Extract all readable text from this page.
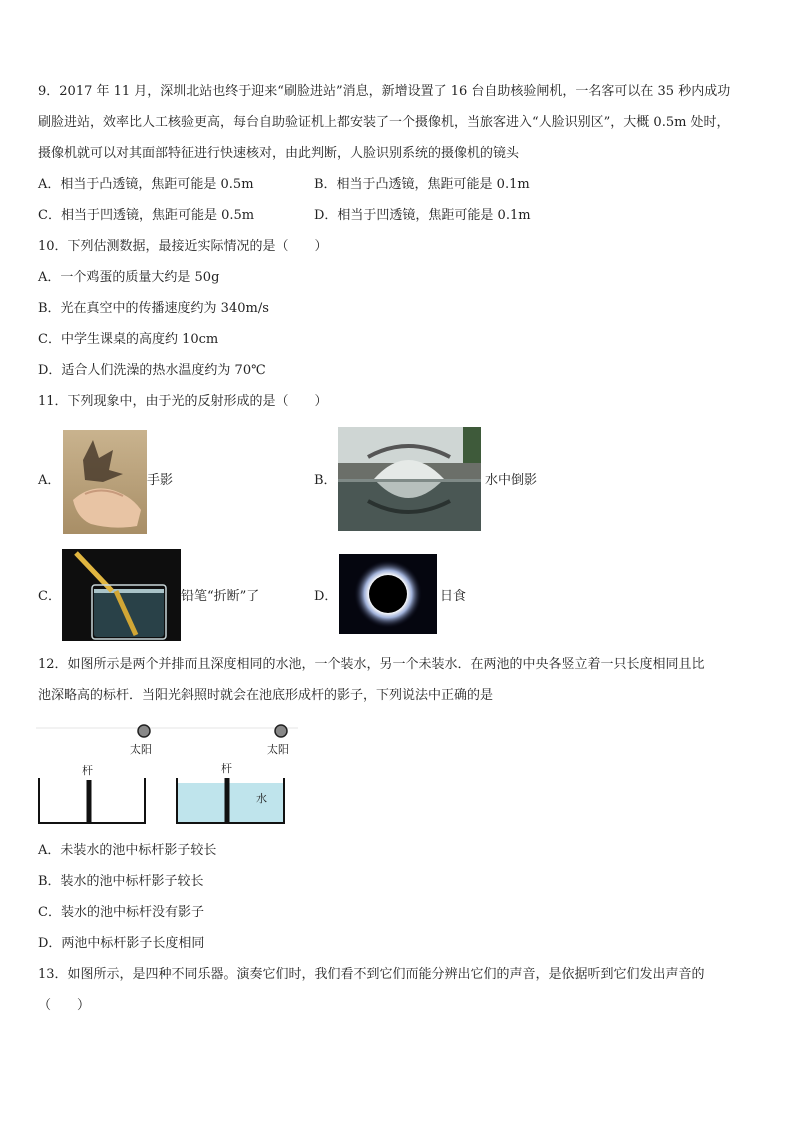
9．2017 年 11 月，深圳北站也终于迎来“刷脸进站”消息，新增设置了 16 台自助核验闸机，一名客可以在 35 秒内成功
刷脸进站，效率比人工核验更高，每台自助验证机上都安装了一个摄像机，当旅客进入“人脸识别区”，大概 0.5m 处时，
摄像机就可以对其面部特征进行快速核对，由此判断，人脸识别系统的摄像机的镜头
A．相当于凸透镜，焦距可能是 0.5m	B．相当于凸透镜，焦距可能是 0.1m
C．相当于凹透镜，焦距可能是 0.5m	D．相当于凹透镜，焦距可能是 0.1m
10．下列估测数据，最接近实际情况的是（　　）
A．一个鸡蛋的质量大约是 50g
B．光在真空中的传播速度约为 340m/s
C．中学生课桌的高度约 10cm
D．适合人们洗澡的热水温度约为 70℃
11．下列现象中，由于光的反射形成的是（　　）
A．	手影	B．	水中倒影
C．	铅笔“折断”了	D．	日食
12．如图所示是两个并排而且深度相同的水池，一个装水，另一个未装水．在两池的中央各竖立着一只长度相同且比
池深略高的标杆．当阳光斜照时就会在池底形成杆的影子，下列说法中正确的是
太阳	太阳
杆	杆
水
A．未装水的池中标杆影子较长
B．装水的池中标杆影子较长
C．装水的池中标杆没有影子
D．两池中标杆影子长度相同
13．如图所示，是四种不同乐器。演奏它们时，我们看不到它们而能分辨出它们的声音，是依据听到它们发出声音的
（　　）
